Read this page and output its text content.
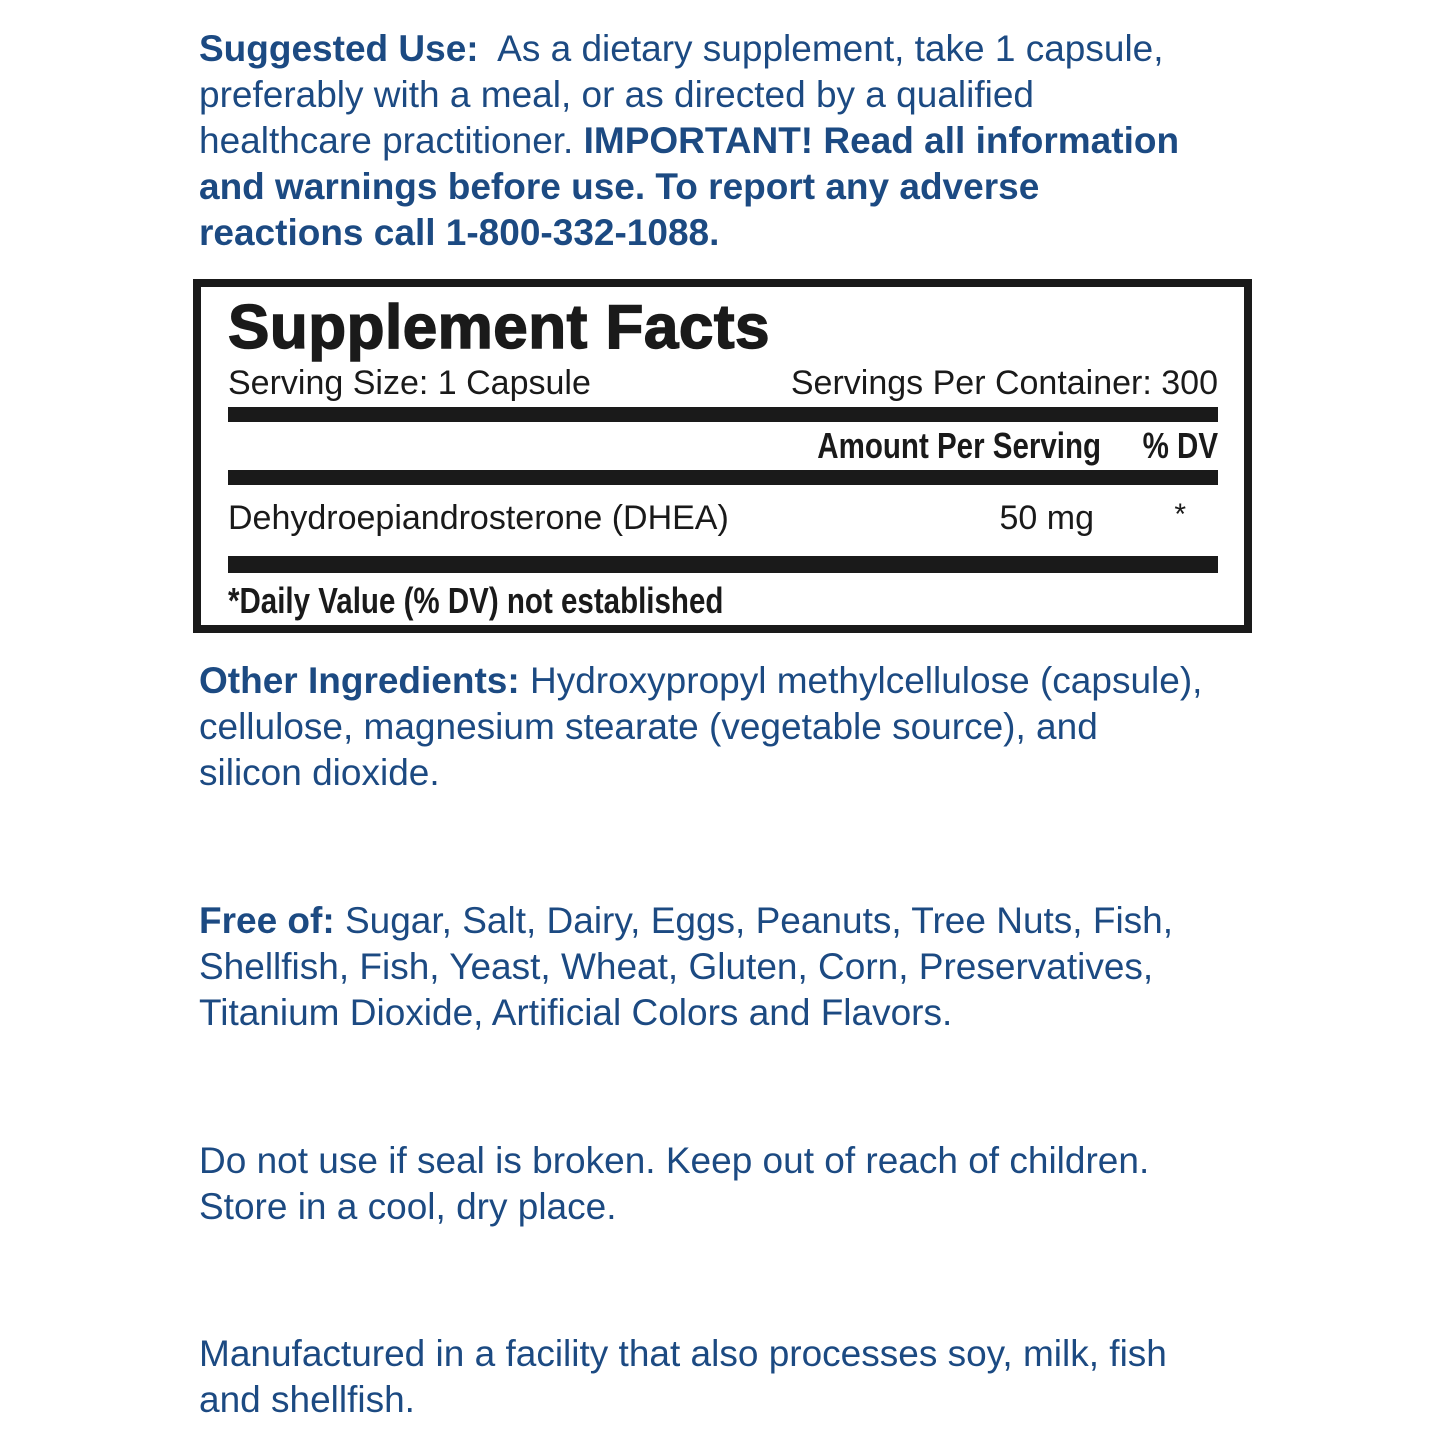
Suggested Use: As a dietary supplement, take 1 capsule,
preferably with a meal, or as directed by a qualified
healthcare practitioner. IMPORTANT! Read all information
and warnings before use. To report any adverse
reactions call 1-800-332-1088.
Supplement Facts
Serving Size: 1 Capsule	Servings Per Container: 300
Amount Per Serving % DV
Dehydroepiandrosterone (DHEA)	50 mg	*
*Daily Value (% DV) not established
Other Ingredients: Hydroxypropyl methylcellulose (capsule),
cellulose, magnesium stearate (vegetable source), and
silicon dioxide.
Free of: Sugar, Salt, Dairy, Eggs, Peanuts, Tree Nuts, Fish,
Shellfish, Fish, Yeast, Wheat, Gluten, Corn, Preservatives,
Titanium Dioxide, Artificial Colors and Flavors.
Do not use if seal is broken. Keep out of reach of children.
Store in a cool, dry place.
Manufactured in a facility that also processes soy, milk, fish
and shellfish.
